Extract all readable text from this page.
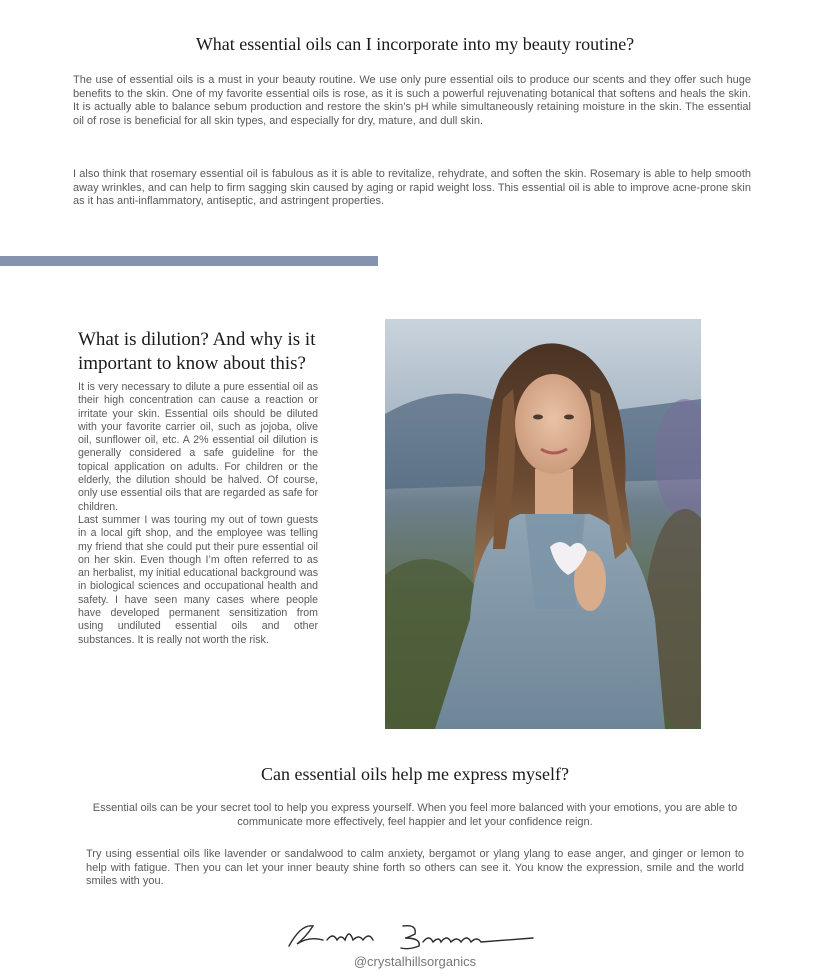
What essential oils can I incorporate into my beauty routine?

The use of essential oils is a must in your beauty routine. We use only pure essential oils to produce our scents and they offer such huge benefits to the skin. One of my favorite essential oils is rose, as it is such a powerful rejuvenating botanical that softens and heals the skin. It is actually able to balance sebum production and restore the skin’s pH while simultaneously retaining moisture in the skin. The essential oil of rose is beneficial for all skin types, and especially for dry, mature, and dull skin.

I also think that rosemary essential oil is fabulous as it is able to revitalize, rehydrate, and soften the skin. Rosemary is able to help smooth away wrinkles, and can help to firm sagging skin caused by aging or rapid weight loss. This essential oil is able to improve acne-prone skin as it has anti-inflammatory, antiseptic, and astringent properties.

What is dilution? And why is it important to know about this?

It is very necessary to dilute a pure essential oil as their high concentration can cause a reaction or irritate your skin. Essential oils should be diluted with your favorite carrier oil, such as jojoba, olive oil, sunflower oil, etc. A 2% essential oil dilution is generally considered a safe guideline for the topical application on adults. For children or the elderly, the dilution should be halved. Of course, only use essential oils that are regarded as safe for children.

Last summer I was touring my out of town guests in a local gift shop, and the employee was telling my friend that she could put their pure essential oil on her skin. Even though I’m often referred to as an herbalist, my initial educational background was in biological sciences and occupational health and safety. I have seen many cases where people have developed permanent sensitization from using undiluted essential oils and other substances. It is really not worth the risk.

Can essential oils help me express myself?

Essential oils can be your secret tool to help you express yourself. When you feel more balanced with your emotions, you are able to communicate more effectively, feel happier and let your confidence reign.

Try using essential oils like lavender or sandalwood to calm anxiety, bergamot or ylang ylang to ease anger, and ginger or lemon to help with fatigue. Then you can let your inner beauty shine forth so others can see it. You know the expression, smile and the world smiles with you.

@crystalhillsorganics
